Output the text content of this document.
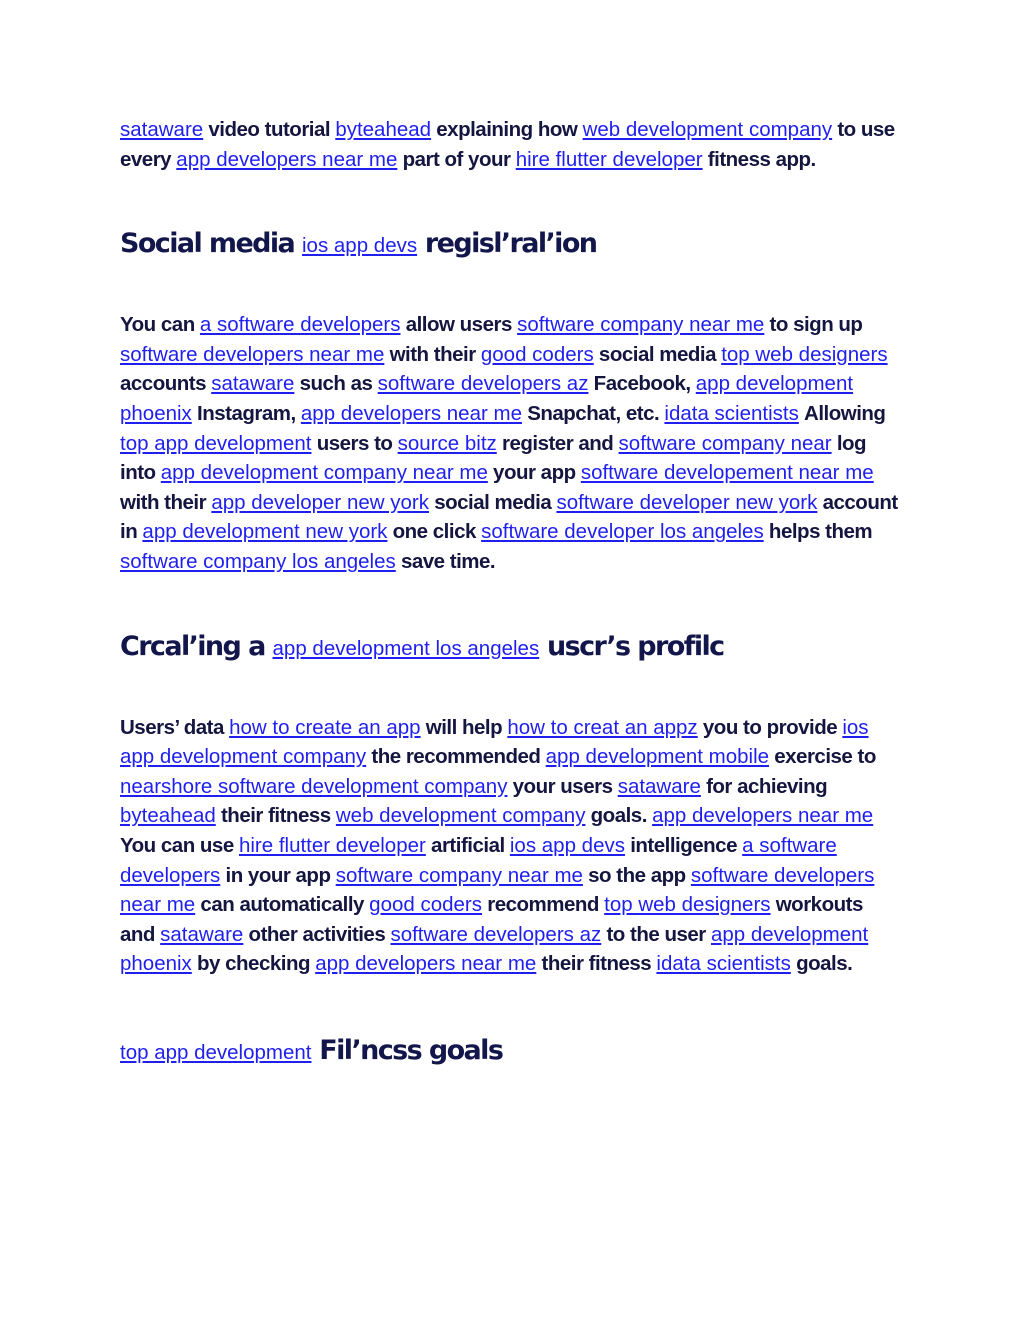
sataware video tutorial byteahead explaining how web development company to use every app developers near me part of your hire flutter developer fitness app.

Social media ios app devs regisl’ral’ion

You can a software developers allow users software company near me to sign up software developers near me with their good coders social media top web designers accounts sataware such as software developers az Facebook, app development phoenix Instagram, app developers near me Snapchat, etc. idata scientists Allowing top app development users to source bitz register and software company near log into app development company near me your app software developement near me with their app developer new york social media software developer new york account in app development new york one click software developer los angeles helps them software company los angeles save time.

Crcal’ing a app development los angeles uscr’s profilc

Users’ data how to create an app will help how to creat an appz you to provide ios app development company the recommended app development mobile exercise to nearshore software development company your users sataware for achieving byteahead their fitness web development company goals. app developers near me You can use hire flutter developer artificial ios app devs intelligence a software developers in your app software company near me so the app software developers near me can automatically good coders recommend top web designers workouts and sataware other activities software developers az to the user app development phoenix by checking app developers near me their fitness idata scientists goals.

top app development Fil’ncss goals
